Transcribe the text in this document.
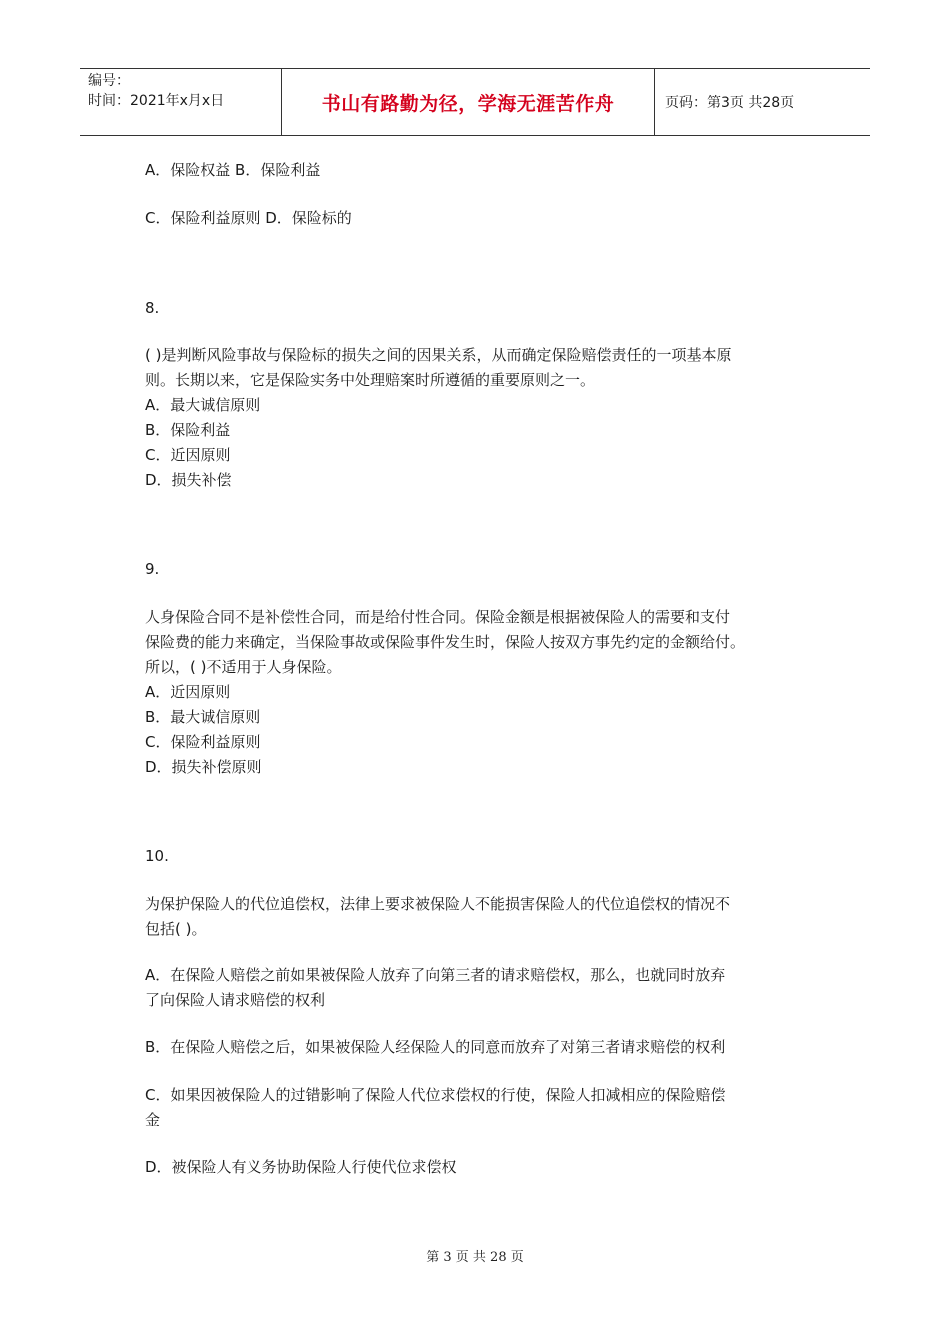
编号：
时间：2021年x月x日	书山有路勤为径，学海无涯苦作舟	页码：第3页 共28页
A．保险权益 B．保险利益
C．保险利益原则 D．保险标的
8.
( )是判断风险事故与保险标的损失之间的因果关系，从而确定保险赔偿责任的一项基本原
则。长期以来，它是保险实务中处理赔案时所遵循的重要原则之一。
A．最大诚信原则
B．保险利益
C．近因原则
D．损失补偿
9.
人身保险合同不是补偿性合同，而是给付性合同。保险金额是根据被保险人的需要和支付
保险费的能力来确定，当保险事故或保险事件发生时，保险人按双方事先约定的金额给付。
所以，( )不适用于人身保险。
A．近因原则
B．最大诚信原则
C．保险利益原则
D．损失补偿原则
10.
为保护保险人的代位追偿权，法律上要求被保险人不能损害保险人的代位追偿权的情况不
包括( )。
A．在保险人赔偿之前如果被保险人放弃了向第三者的请求赔偿权，那么，也就同时放弃
了向保险人请求赔偿的权利
B．在保险人赔偿之后，如果被保险人经保险人的同意而放弃了对第三者请求赔偿的权利
C．如果因被保险人的过错影响了保险人代位求偿权的行使，保险人扣减相应的保险赔偿
金
D．被保险人有义务协助保险人行使代位求偿权
第 3 页 共 28 页
